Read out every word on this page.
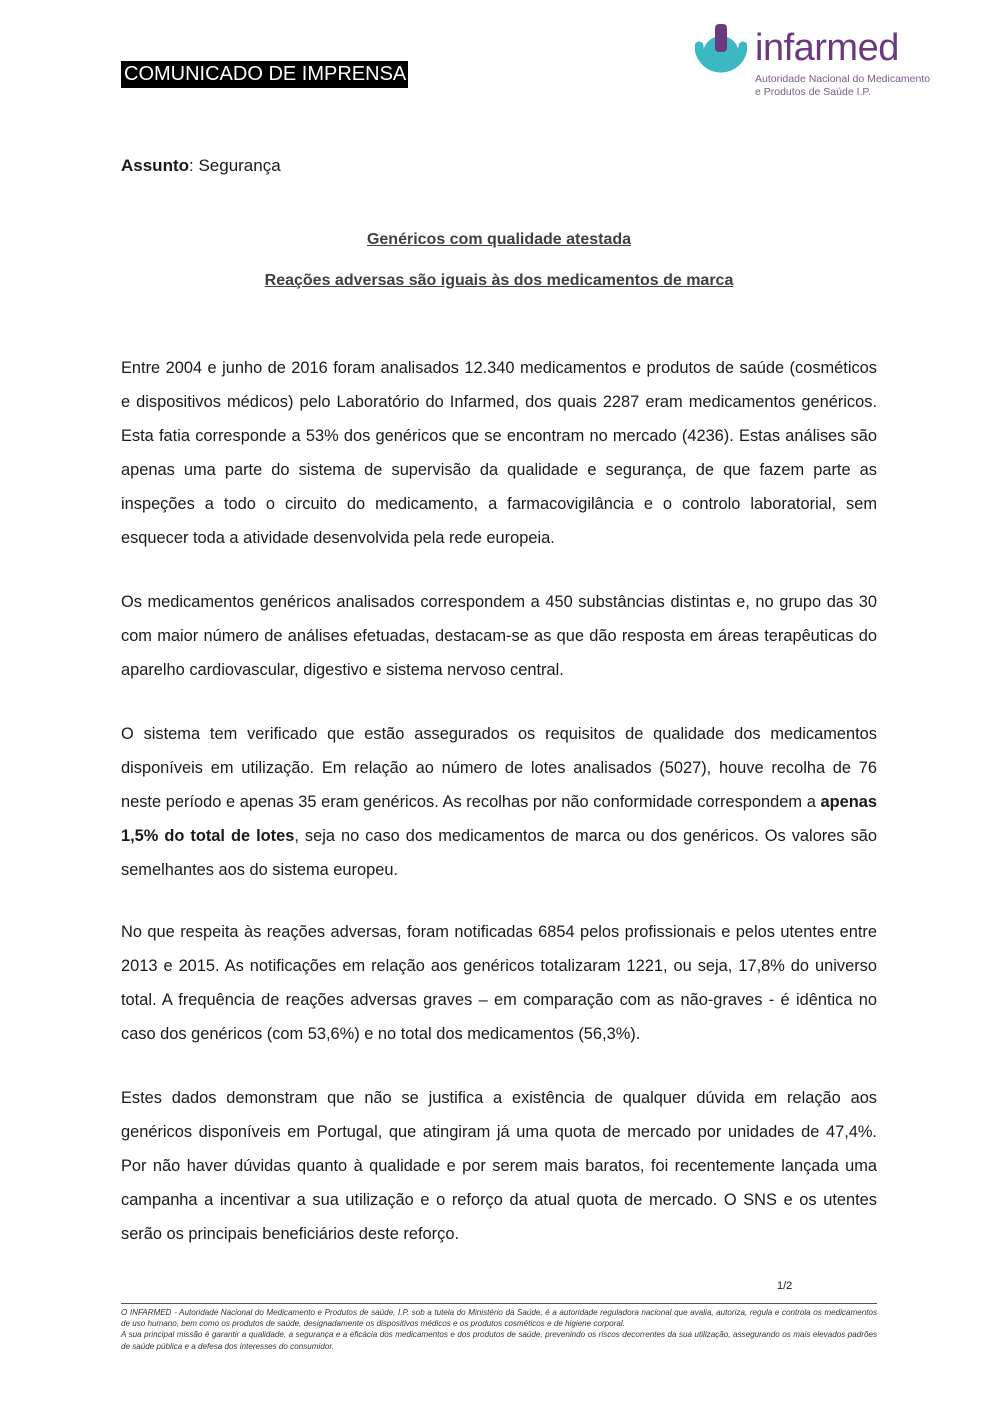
COMUNICADO DE IMPRENSA
infarmed
Autoridade Nacional do Medicamento
e Produtos de Saúde I.P.
Assunto: Segurança
Genéricos com qualidade atestada
Reações adversas são iguais às dos medicamentos de marca

Entre 2004 e junho de 2016 foram analisados 12.340 medicamentos e produtos de saúde (cosméticos e dispositivos médicos) pelo Laboratório do Infarmed, dos quais 2287 eram medicamentos genéricos. Esta fatia corresponde a 53% dos genéricos que se encontram no mercado (4236). Estas análises são apenas uma parte do sistema de supervisão da qualidade e segurança, de que fazem parte as inspeções a todo o circuito do medicamento, a farmacovigilância e o controlo laboratorial, sem esquecer toda a atividade desenvolvida pela rede europeia.

Os medicamentos genéricos analisados correspondem a 450 substâncias distintas e, no grupo das 30 com maior número de análises efetuadas, destacam-se as que dão resposta em áreas terapêuticas do aparelho cardiovascular, digestivo e sistema nervoso central.

O sistema tem verificado que estão assegurados os requisitos de qualidade dos medicamentos disponíveis em utilização. Em relação ao número de lotes analisados (5027), houve recolha de 76 neste período e apenas 35 eram genéricos. As recolhas por não conformidade correspondem a apenas 1,5% do total de lotes, seja no caso dos medicamentos de marca ou dos genéricos. Os valores são semelhantes aos do sistema europeu.

No que respeita às reações adversas, foram notificadas 6854 pelos profissionais e pelos utentes entre 2013 e 2015. As notificações em relação aos genéricos totalizaram 1221, ou seja, 17,8% do universo total. A frequência de reações adversas graves – em comparação com as não-graves - é idêntica no caso dos genéricos (com 53,6%) e no total dos medicamentos (56,3%).

Estes dados demonstram que não se justifica a existência de qualquer dúvida em relação aos genéricos disponíveis em Portugal, que atingiram já uma quota de mercado por unidades de 47,4%. Por não haver dúvidas quanto à qualidade e por serem mais baratos, foi recentemente lançada uma campanha a incentivar a sua utilização e o reforço da atual quota de mercado. O SNS e os utentes serão os principais beneficiários deste reforço.

1/2
O INFARMED - Autoridade Nacional do Medicamento e Produtos de saúde, I.P. sob a tutela do Ministério da Saúde, é a autoridade reguladora nacional que avalia, autoriza, regula e controla os medicamentos de uso humano, bem como os produtos de saúde, designadamente os dispositivos médicos e os produtos cosméticos e de higiene corporal.
A sua principal missão é garantir a qualidade, a segurança e a eficácia dos medicamentos e dos produtos de saúde, prevenindo os riscos decorrentes da sua utilização, assegurando os mais elevados padrões de saúde pública e a defesa dos interesses do consumidor.
